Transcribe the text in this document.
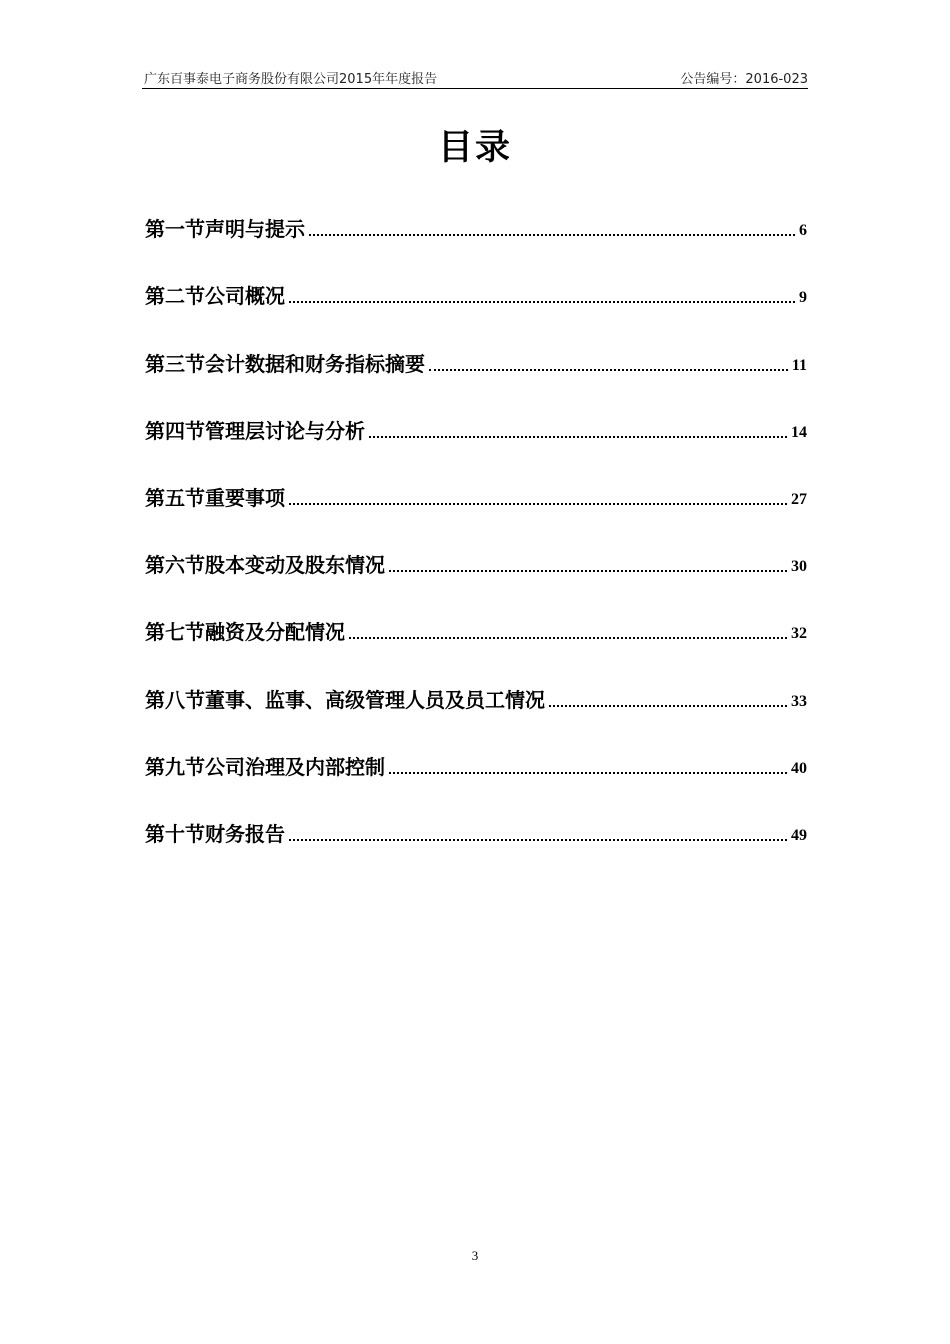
广东百事泰电子商务股份有限公司2015年年度报告	公告编号：2016-023
目录
第一节声明与提示	6
第二节公司概况	9
第三节会计数据和财务指标摘要	11
第四节管理层讨论与分析	14
第五节重要事项	27
第六节股本变动及股东情况	30
第七节融资及分配情况	32
第八节董事、监事、高级管理人员及员工情况	33
第九节公司治理及内部控制	40
第十节财务报告	49
3
